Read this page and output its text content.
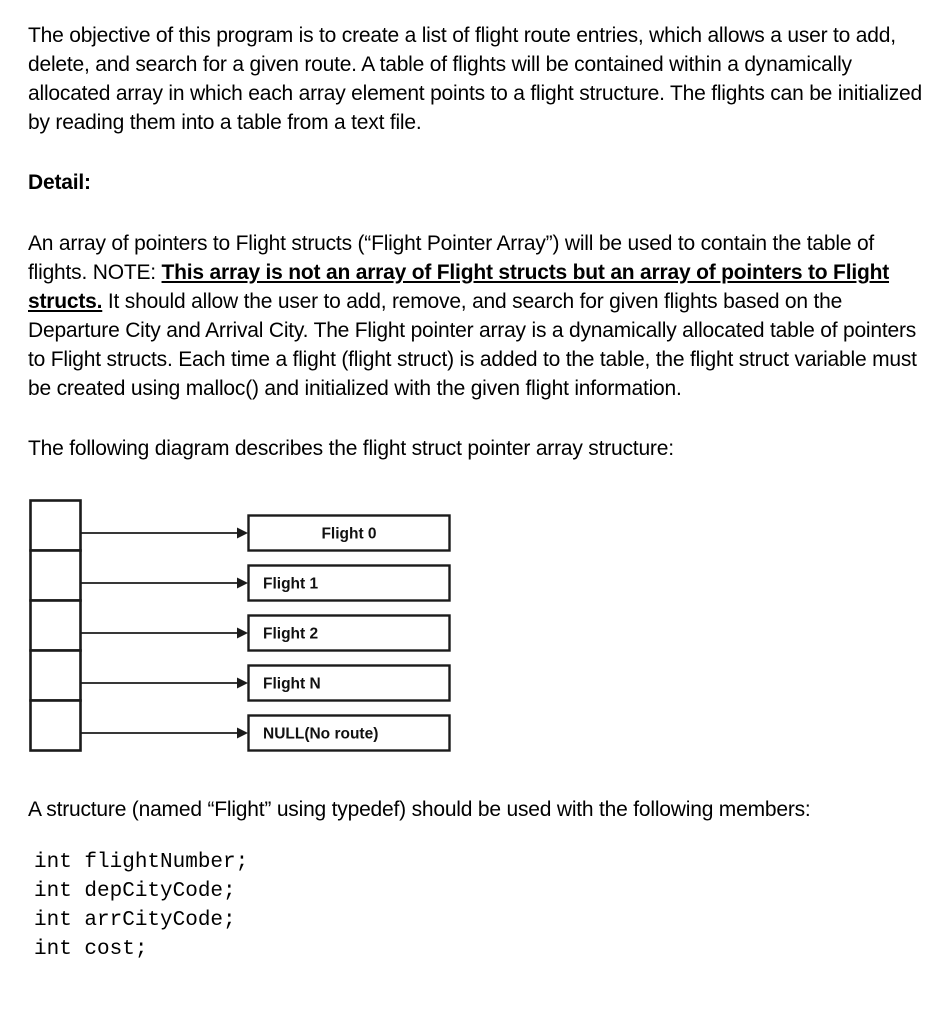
The objective of this program is to create a list of flight route entries, which allows a user to add, delete, and search for a given route. A table of flights will be contained within a dynamically allocated array in which each array element points to a flight structure. The flights can be initialized by reading them into a table from a text file.

Detail:

An array of pointers to Flight structs (“Flight Pointer Array”) will be used to contain the table of flights. NOTE: This array is not an array of Flight structs but an array of pointers to Flight structs. It should allow the user to add, remove, and search for given flights based on the Departure City and Arrival City. The Flight pointer array is a dynamically allocated table of pointers to Flight structs. Each time a flight (flight struct) is added to the table, the flight struct variable must be created using malloc() and initialized with the given flight information.

The following diagram describes the flight struct pointer array structure:

Flight 0
Flight 1
Flight 2
Flight N
NULL(No route)

A structure (named “Flight” using typedef) should be used with the following members:

int flightNumber;
int depCityCode;
int arrCityCode;
int cost;
